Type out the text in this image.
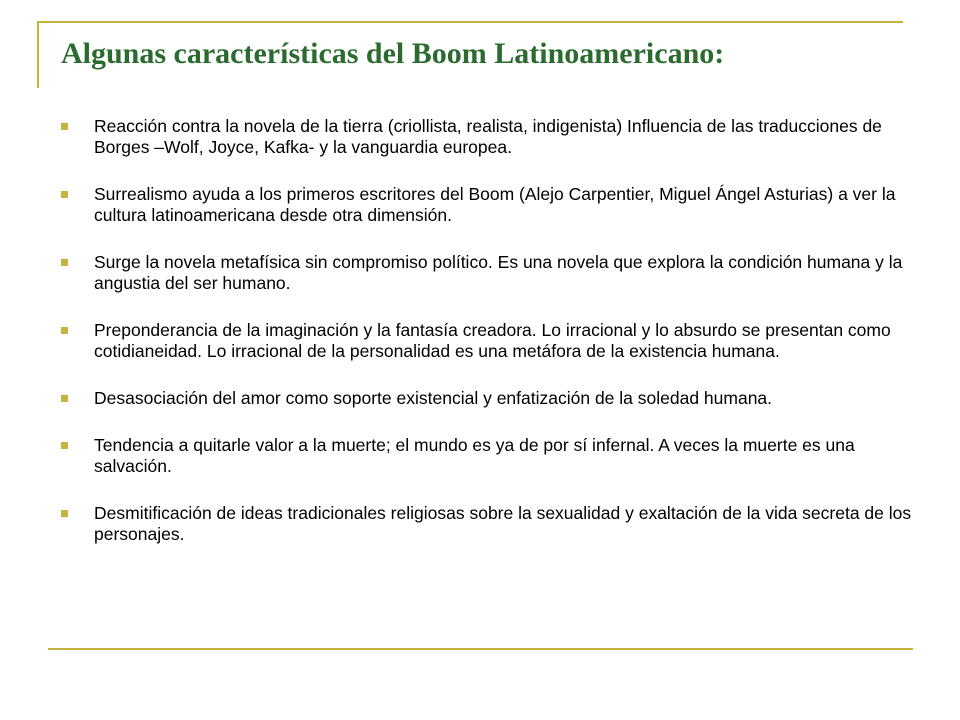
Algunas características del Boom Latinoamericano:
Reacción contra la novela de la tierra (criollista, realista, indigenista) Influencia de las traducciones de Borges –Wolf, Joyce, Kafka- y la vanguardia europea.
Surrealismo ayuda a los primeros escritores del Boom (Alejo Carpentier, Miguel Ángel Asturias) a ver la cultura latinoamericana desde otra dimensión.
Surge la novela metafísica sin compromiso político. Es una novela que explora la condición humana y la angustia del ser humano.
Preponderancia de la imaginación y la fantasía creadora. Lo irracional y lo absurdo se presentan como cotidianeidad. Lo irracional de la personalidad es una metáfora de la existencia humana.
Desasociación del amor como soporte existencial y enfatización de la soledad humana.
Tendencia a quitarle valor a la muerte; el mundo es ya de por sí infernal. A veces la muerte es una salvación.
Desmitificación de ideas tradicionales religiosas sobre la sexualidad y exaltación de la vida secreta de los personajes.
